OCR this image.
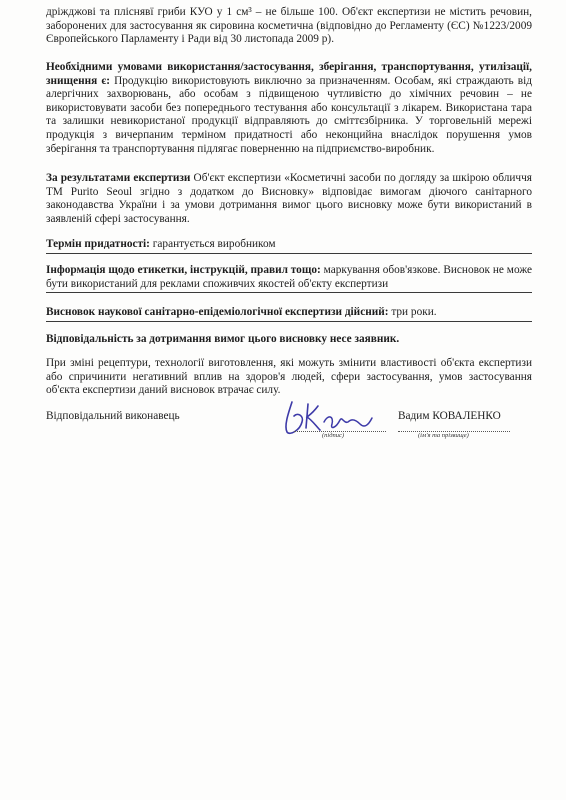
дріжджові та пліснявї гриби КУО у 1 см³ – не більше 100. Об'єкт експертизи не містить речовин, заборонених для застосування як сировина косметична (відповідно до Регламенту (ЄС) №1223/2009 Європейського Парламенту і Ради від 30 листопада 2009 р).
Необхідними умовами використання/застосування, зберігання, транспортування, утилізації, знищення є: Продукцію використовують виключно за призначенням. Особам, які страждають від алергічних захворювань, або особам з підвищеною чутливістю до хімічних речовин – не використовувати засоби без попереднього тестування або консультації з лікарем. Використана тара та залишки невикористаної продукції відправляють до сміттєзбірника. У торговельній мережі продукція з вичерпаним терміном придатності або неконцийна внаслідок порушення умов зберігання та транспортування підлягає поверненню на підприємство-виробник.
За результатами експертизи Об'єкт експертизи «Косметичні засоби по догляду за шкірою обличчя ТМ Purito Seoul згідно з додатком до Висновку» відповідає вимогам діючого санітарного законодавства України і за умови дотримання вимог цього висновку може бути використаний в заявленій сфері застосування.
Термін придатності: гарантується виробником
Інформація щодо етикетки, інструкцій, правил тощо: маркування обов'язкове. Висновок не може бути використаний для реклами споживчих якостей об'єкту експертизи
Висновок наукової санітарно-епідеміологічної експертизи дійсний: три роки.
Відповідальність за дотримання вимог цього висновку несе заявник.
При зміні рецептури, технології виготовлення, які можуть змінити властивості об'єкта експертизи або спричинити негативний вплив на здоров'я людей, сфери застосування, умов застосування об'єкта експертизи даний висновок втрачає силу.
Відповідальний виконавець
(підпис)
Вадим КОВАЛЕНКО
(ім'я та прізвище)
